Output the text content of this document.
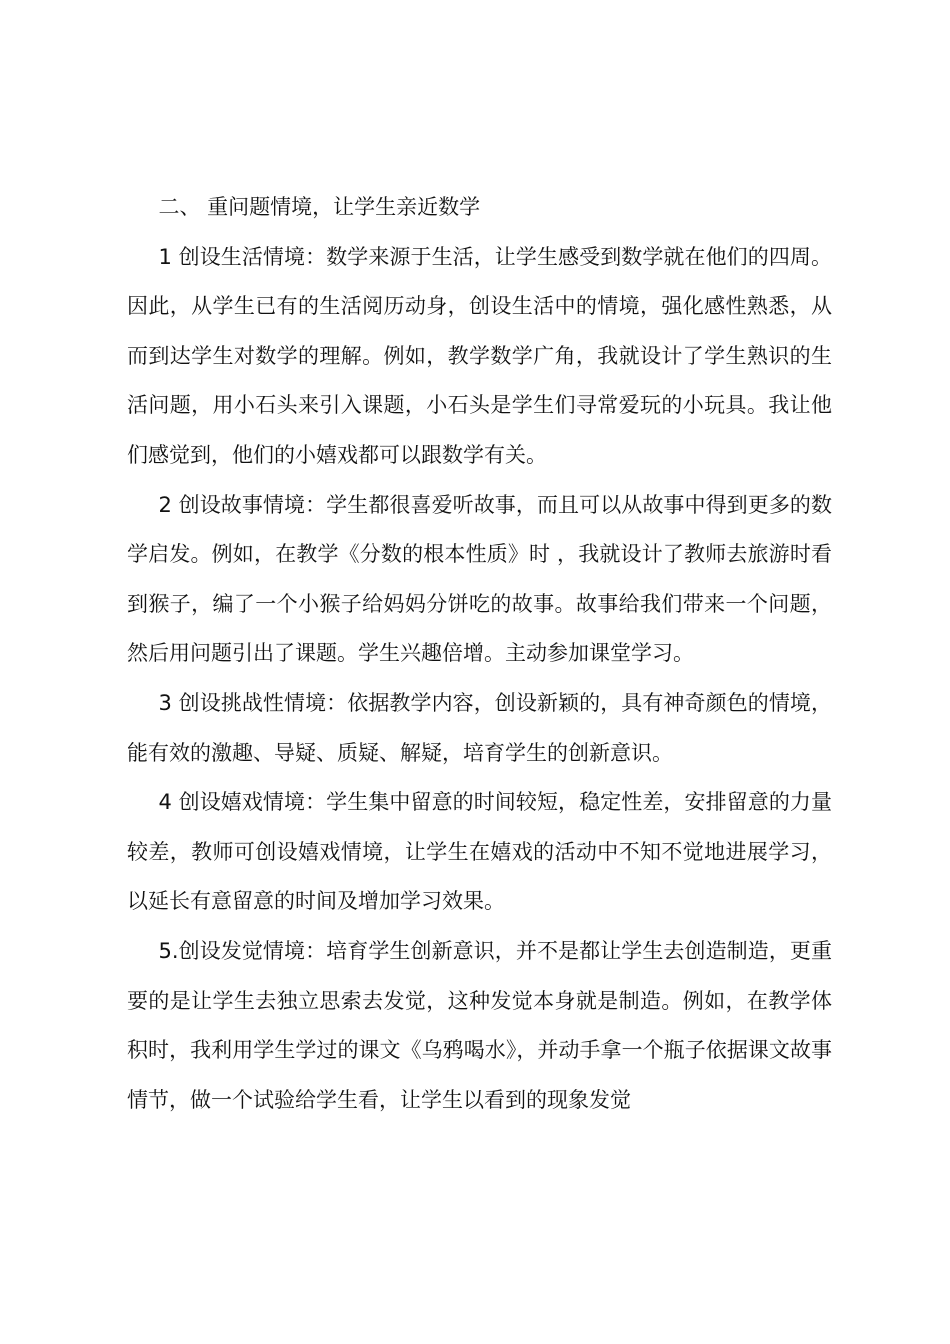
二、 重问题情境，让学生亲近数学

1 创设生活情境：数学来源于生活，让学生感受到数学就在他们的四周。因此，从学生已有的生活阅历动身，创设生活中的情境，强化感性熟悉，从而到达学生对数学的理解。例如，教学数学广角，我就设计了学生熟识的生活问题，用小石头来引入课题，小石头是学生们寻常爱玩的小玩具。我让他们感觉到，他们的小嬉戏都可以跟数学有关。

2 创设故事情境：学生都很喜爱听故事，而且可以从故事中得到更多的数学启发。例如，在教学《分数的根本性质》时 ，我就设计了教师去旅游时看到猴子，编了一个小猴子给妈妈分饼吃的故事。故事给我们带来一个问题，然后用问题引出了课题。学生兴趣倍增。主动参加课堂学习。

3 创设挑战性情境：依据教学内容，创设新颖的，具有神奇颜色的情境，能有效的激趣、导疑、质疑、解疑，培育学生的创新意识。

4 创设嬉戏情境：学生集中留意的时间较短，稳定性差，安排留意的力量较差，教师可创设嬉戏情境，让学生在嬉戏的活动中不知不觉地进展学习，以延长有意留意的时间及增加学习效果。

5.创设发觉情境：培育学生创新意识，并不是都让学生去创造制造，更重要的是让学生去独立思索去发觉，这种发觉本身就是制造。例如，在教学体积时，我利用学生学过的课文《乌鸦喝水》，并动手拿一个瓶子依据课文故事情节，做一个试验给学生看，让学生以看到的现象发觉
